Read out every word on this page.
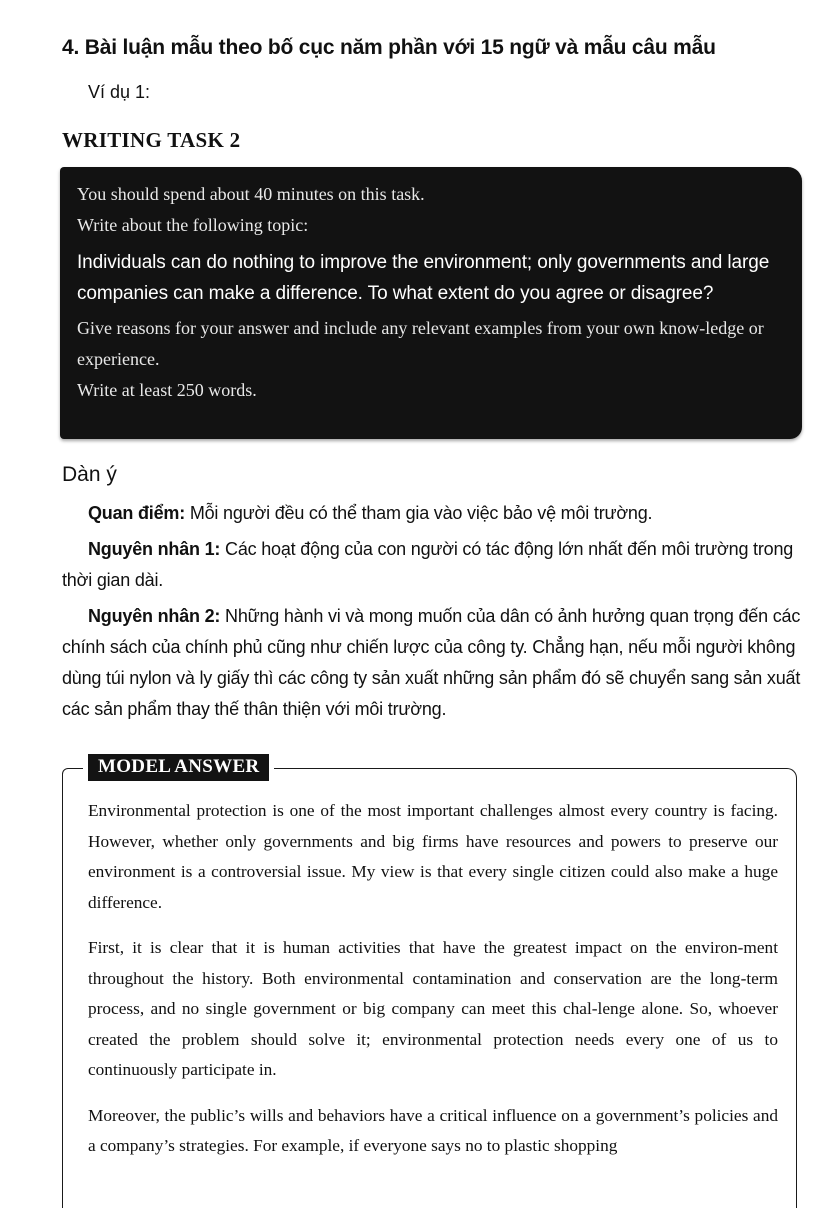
4. Bài luận mẫu theo bố cục năm phần với 15 ngữ và mẫu câu mẫu
Ví dụ 1:
WRITING TASK 2

You should spend about 40 minutes on this task.

Write about the following topic:

Individuals can do nothing to improve the environment; only governments and large companies can make a difference. To what extent do you agree or disagree?

Give reasons for your answer and include any relevant examples from your own know-ledge or experience.

Write at least 250 words.

Dàn ý

Quan điểm: Mỗi người đều có thể tham gia vào việc bảo vệ môi trường.

Nguyên nhân 1: Các hoạt động của con người có tác động lớn nhất đến môi trường trong thời gian dài.

Nguyên nhân 2: Những hành vi và mong muốn của dân có ảnh hưởng quan trọng đến các chính sách của chính phủ cũng như chiến lược của công ty. Chẳng hạn, nếu mỗi người không dùng túi nylon và ly giấy thì các công ty sản xuất những sản phẩm đó sẽ chuyển sang sản xuất các sản phẩm thay thế thân thiện với môi trường.

MODEL ANSWER

Environmental protection is one of the most important challenges almost every country is facing. However, whether only governments and big firms have resources and powers to preserve our environment is a controversial issue. My view is that every single citizen could also make a huge difference.

First, it is clear that it is human activities that have the greatest impact on the environ-ment throughout the history. Both environmental contamination and conservation are the long-term process, and no single government or big company can meet this chal-lenge alone. So, whoever created the problem should solve it; environmental protection needs every one of us to continuously participate in.

Moreover, the public’s wills and behaviors have a critical influence on a government’s policies and a company’s strategies. For example, if everyone says no to plastic shopping
